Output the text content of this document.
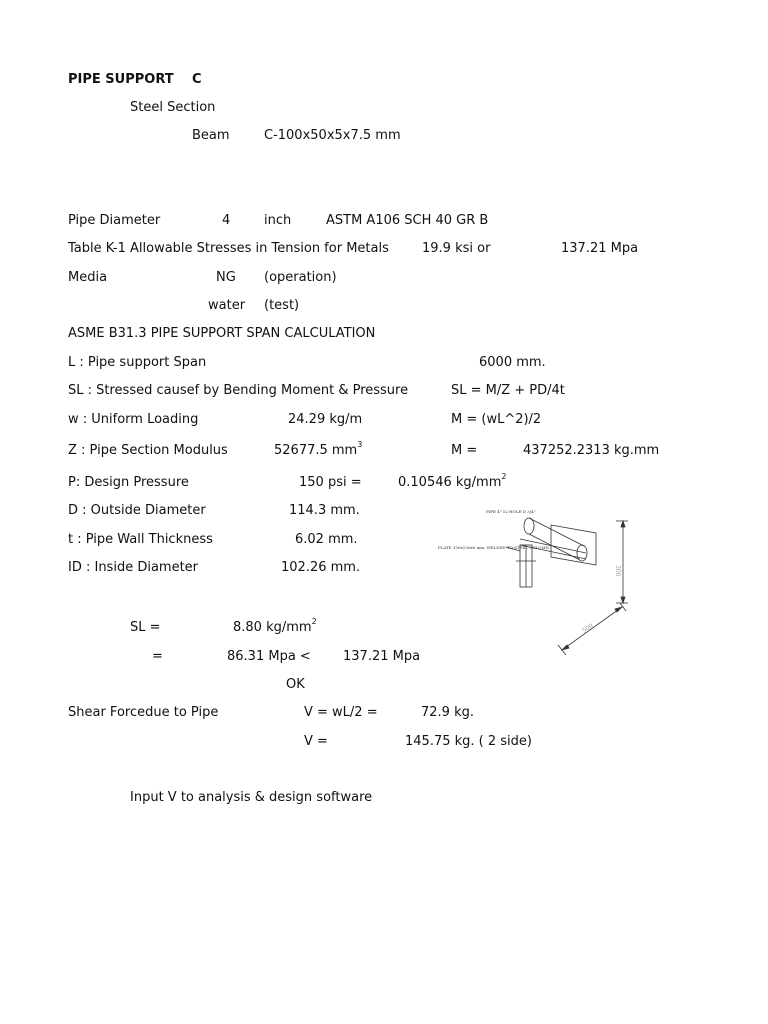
PIPE SUPPORT C
Steel Section
Beam	C-100x50x5x7.5 mm
Pipe Diameter	4	inch	ASTM A106 SCH 40 GR B
Table K-1 Allowable Stresses in Tension for Metals	19.9 ksi or	137.21 Mpa
Media	NG (operation)
water (test)
ASME B31.3 PIPE SUPPORT SPAN CALCULATION
L : Pipe support Span	6000 mm.
SL : Stressed causef by Bending Moment & Pressure	SL = M/Z + PD/4t
w : Uniform Loading	24.29 kg/m	M = (wL^2)/2
Z : Pipe Section Modulus	52677.5 $mm^3$	M =	437252.2313 kg.mm
P: Design Pressure	150 psi =	0.10546 $kg/mm^2$
D : Outside Diameter	114.3 mm.
t : Pipe Wall Thickness	6.02 mm.
ID : Inside Diameter	102.26 mm.
SL =	8.80 $kg/mm^2$
=	86.31 Mpa < 137.21 Mpa
OK
Shear Forcedue to Pipe	V = wL/2 =	72.9 kg.
V =	145.75 kg. ( 2 side)
Input V to analysis & design software
PIPE 4" 12 HOLE D 3/4"
PLATE 150x150x6 mm. WELDED TO STEEL COLUMN
300
500
